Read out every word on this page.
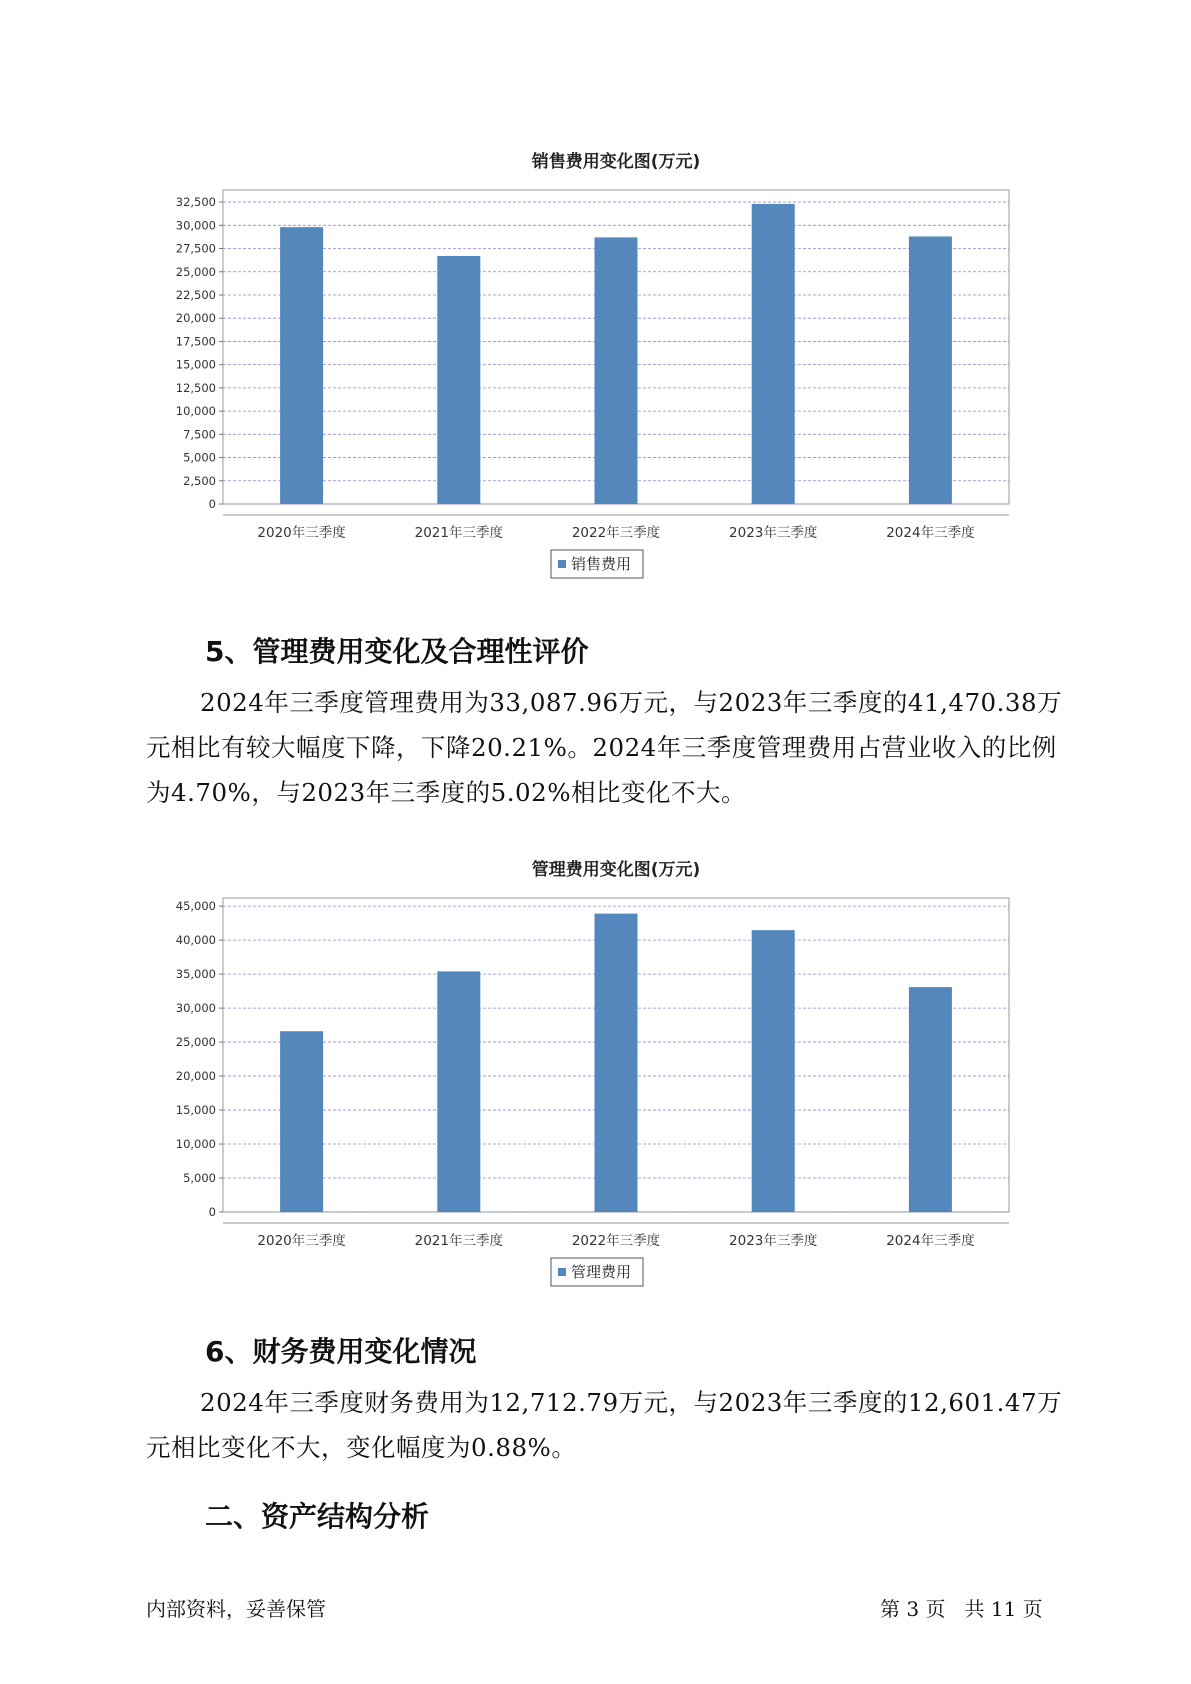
销售费用变化图(万元)
0
2,500
5,000
7,500
10,000
12,500
15,000
17,500
20,000
22,500
25,000
27,500
30,000
32,500
2020年三季度	2021年三季度	2022年三季度	2023年三季度	2024年三季度
销售费用
5、管理费用变化及合理性评价

2024年三季度管理费用为33,087.96万元，与2023年三季度的41,470.38万元相比有较大幅度下降，下降20.21%。2024年三季度管理费用占营业收入的比例为4.70%，与2023年三季度的5.02%相比变化不大。

管理费用变化图(万元)
0
5,000
10,000
15,000
20,000
25,000
30,000
35,000
40,000
45,000
2020年三季度	2021年三季度	2022年三季度	2023年三季度	2024年三季度
管理费用
6、财务费用变化情况

2024年三季度财务费用为12,712.79万元，与2023年三季度的12,601.47万元相比变化不大，变化幅度为0.88%。

二、资产结构分析
内部资料，妥善保管	第 3 页   共 11 页
